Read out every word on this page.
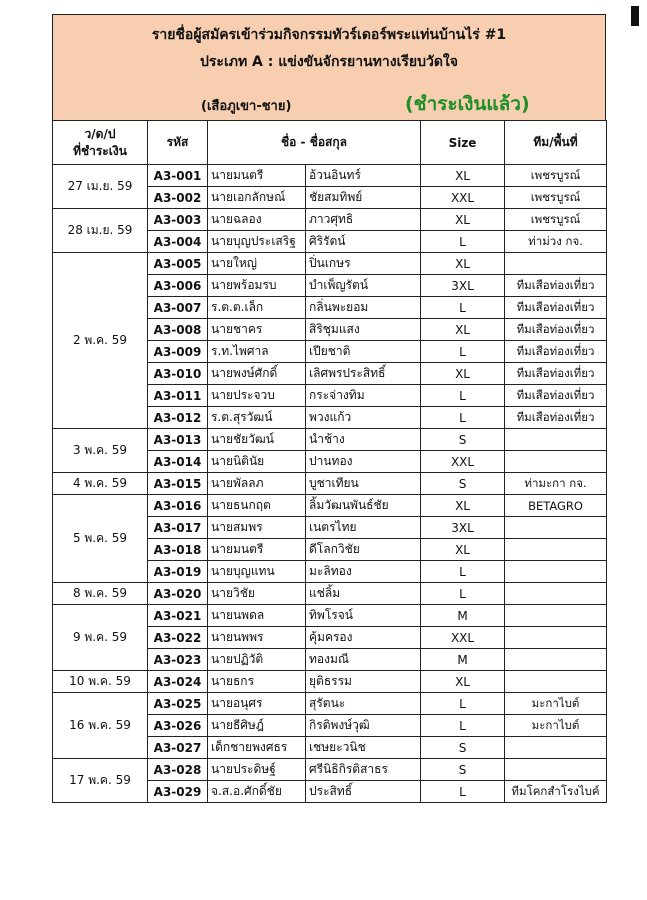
รายชื่อผู้สมัครเข้าร่วมกิจกรรมทัวร์เดอร์พระแท่นบ้านไร่ #1
ประเภท A : แข่งขันจักรยานทางเรียบวัดใจ
(เสือภูเขา-ชาย)	(ชำระเงินแล้ว)
ว/ด/ป
ที่ชำระเงิน	รหัส	ชื่อ - ชื่อสกุล		Size	ทีม/พื้นที่
27 เม.ย. 59	A3-001	นายมนตรี	อ้วนอินทร์	XL	เพชรบูรณ์
	A3-002	นายเอกลักษณ์	ชัยสมทิพย์	XXL	เพชรบูรณ์
28 เม.ย. 59	A3-003	นายฉลอง	ภาวศุทธิ	XL	เพชรบูรณ์
	A3-004	นายบุญประเสริฐ	ศิริรัตน์	L	ท่าม่วง กจ.
2 พ.ค. 59	A3-005	นายใหญ่	ปิ่นเกษร	XL	
	A3-006	นายพร้อมรบ	บำเพ็ญรัตน์	3XL	ทีมเสือท่องเที่ยว
	A3-007	ร.ต.ต.เล็ก	กลิ่นพะยอม	L	ทีมเสือท่องเที่ยว
	A3-008	นายชาคร	สิริชุมแสง	XL	ทีมเสือท่องเที่ยว
	A3-009	ร.ท.ไพศาล	เปียชาติ	L	ทีมเสือท่องเที่ยว
	A3-010	นายพงษ์ศักดิ์	เลิศพรประสิทธิ์	XL	ทีมเสือท่องเที่ยว
	A3-011	นายประจวบ	กระจ่างทิม	L	ทีมเสือท่องเที่ยว
	A3-012	ร.ต.สุรวัฒน์	พวงแก้ว	L	ทีมเสือท่องเที่ยว
3 พ.ค. 59	A3-013	นายชัยวัฒน์	นำช้าง	S	
	A3-014	นายนิตินัย	ปานทอง	XXL	
4 พ.ค. 59	A3-015	นายพัลลภ	บูชาเทียน	S	ท่ามะกา กจ.
5 พ.ค. 59	A3-016	นายธนกฤต	ลิ้มวัฒนพันธ์ชัย	XL	BETAGRO
	A3-017	นายสมพร	เนตรไทย	3XL	
	A3-018	นายมนตรี	ดีโลกวิชัย	XL	
	A3-019	นายบุญแทน	มะลิทอง	L	
8 พ.ค. 59	A3-020	นายวิชัย	แช่ลิ้ม	L	
9 พ.ค. 59	A3-021	นายนพดล	ทิพโรจน์	M	
	A3-022	นายนพพร	คุ้มครอง	XXL	
	A3-023	นายปฏิวัติ	ทองมณี	M	
10 พ.ค. 59	A3-024	นายธกร	ยุติธรรม	XL	
16 พ.ค. 59	A3-025	นายอนุศร	สุรัตนะ	L	มะกาไบต์
	A3-026	นายธีศิษฎ์	กิรติพงษ์วุฒิ	L	มะกาไบต์
	A3-027	เด็กชายพงศธร	เชษยะวนิช	S	
17 พ.ค. 59	A3-028	นายประดิษฐ์	ศรีนิธิกิรติสาธร	S	
	A3-029	จ.ส.อ.ศักดิ์ชัย	ประสิทธิ์	L	ทีมโคกสำโรงไบค์
